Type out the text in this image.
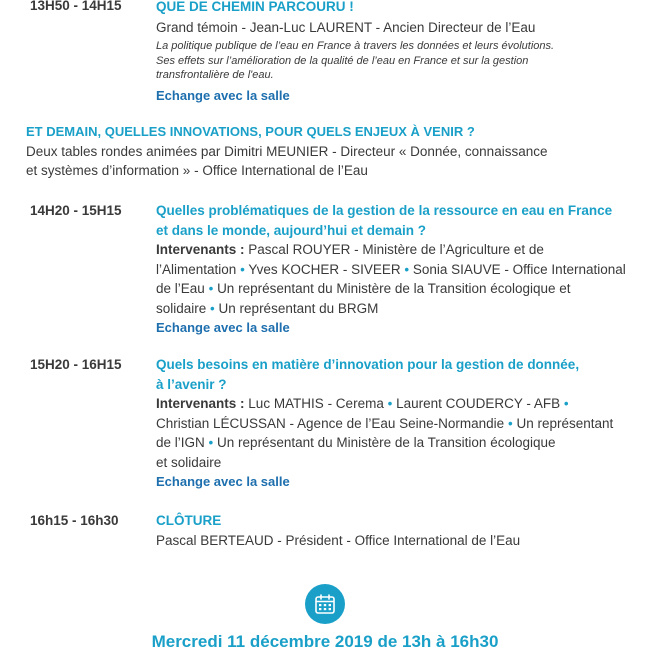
13H50 - 14H15	QUE DE CHEMIN PARCOURU !
Grand témoin - Jean-Luc LAURENT - Ancien Directeur de l’Eau
La politique publique de l’eau en France à travers les données et leurs évolutions.
Ses effets sur l’amélioration de la qualité de l’eau en France et sur la gestion
transfrontalière de l'eau.
Echange avec la salle
ET DEMAIN, QUELLES INNOVATIONS, POUR QUELS ENJEUX À VENIR ?
Deux tables rondes animées par Dimitri MEUNIER - Directeur « Donnée, connaissance
et systèmes d’information » - Office International de l’Eau
14H20 - 15H15	Quelles problématiques de la gestion de la ressource en eau en France
et dans le monde, aujourd’hui et demain ?
Intervenants : Pascal ROUYER - Ministère de l’Agriculture et de
l’Alimentation • Yves KOCHER - SIVEER • Sonia SIAUVE - Office International
de l’Eau • Un représentant du Ministère de la Transition écologique et
solidaire • Un représentant du BRGM
Echange avec la salle
15H20 - 16H15	Quels besoins en matière d’innovation pour la gestion de donnée,
à l’avenir ?
Intervenants : Luc MATHIS - Cerema • Laurent COUDERCY - AFB •
Christian LÉCUSSAN - Agence de l’Eau Seine-Normandie • Un représentant
de l’IGN • Un représentant du Ministère de la Transition écologique
et solidaire
Echange avec la salle
16h15 - 16h30	CLÔTURE
Pascal BERTEAUD - Président - Office International de l’Eau
Mercredi 11 décembre 2019 de 13h à 16h30
